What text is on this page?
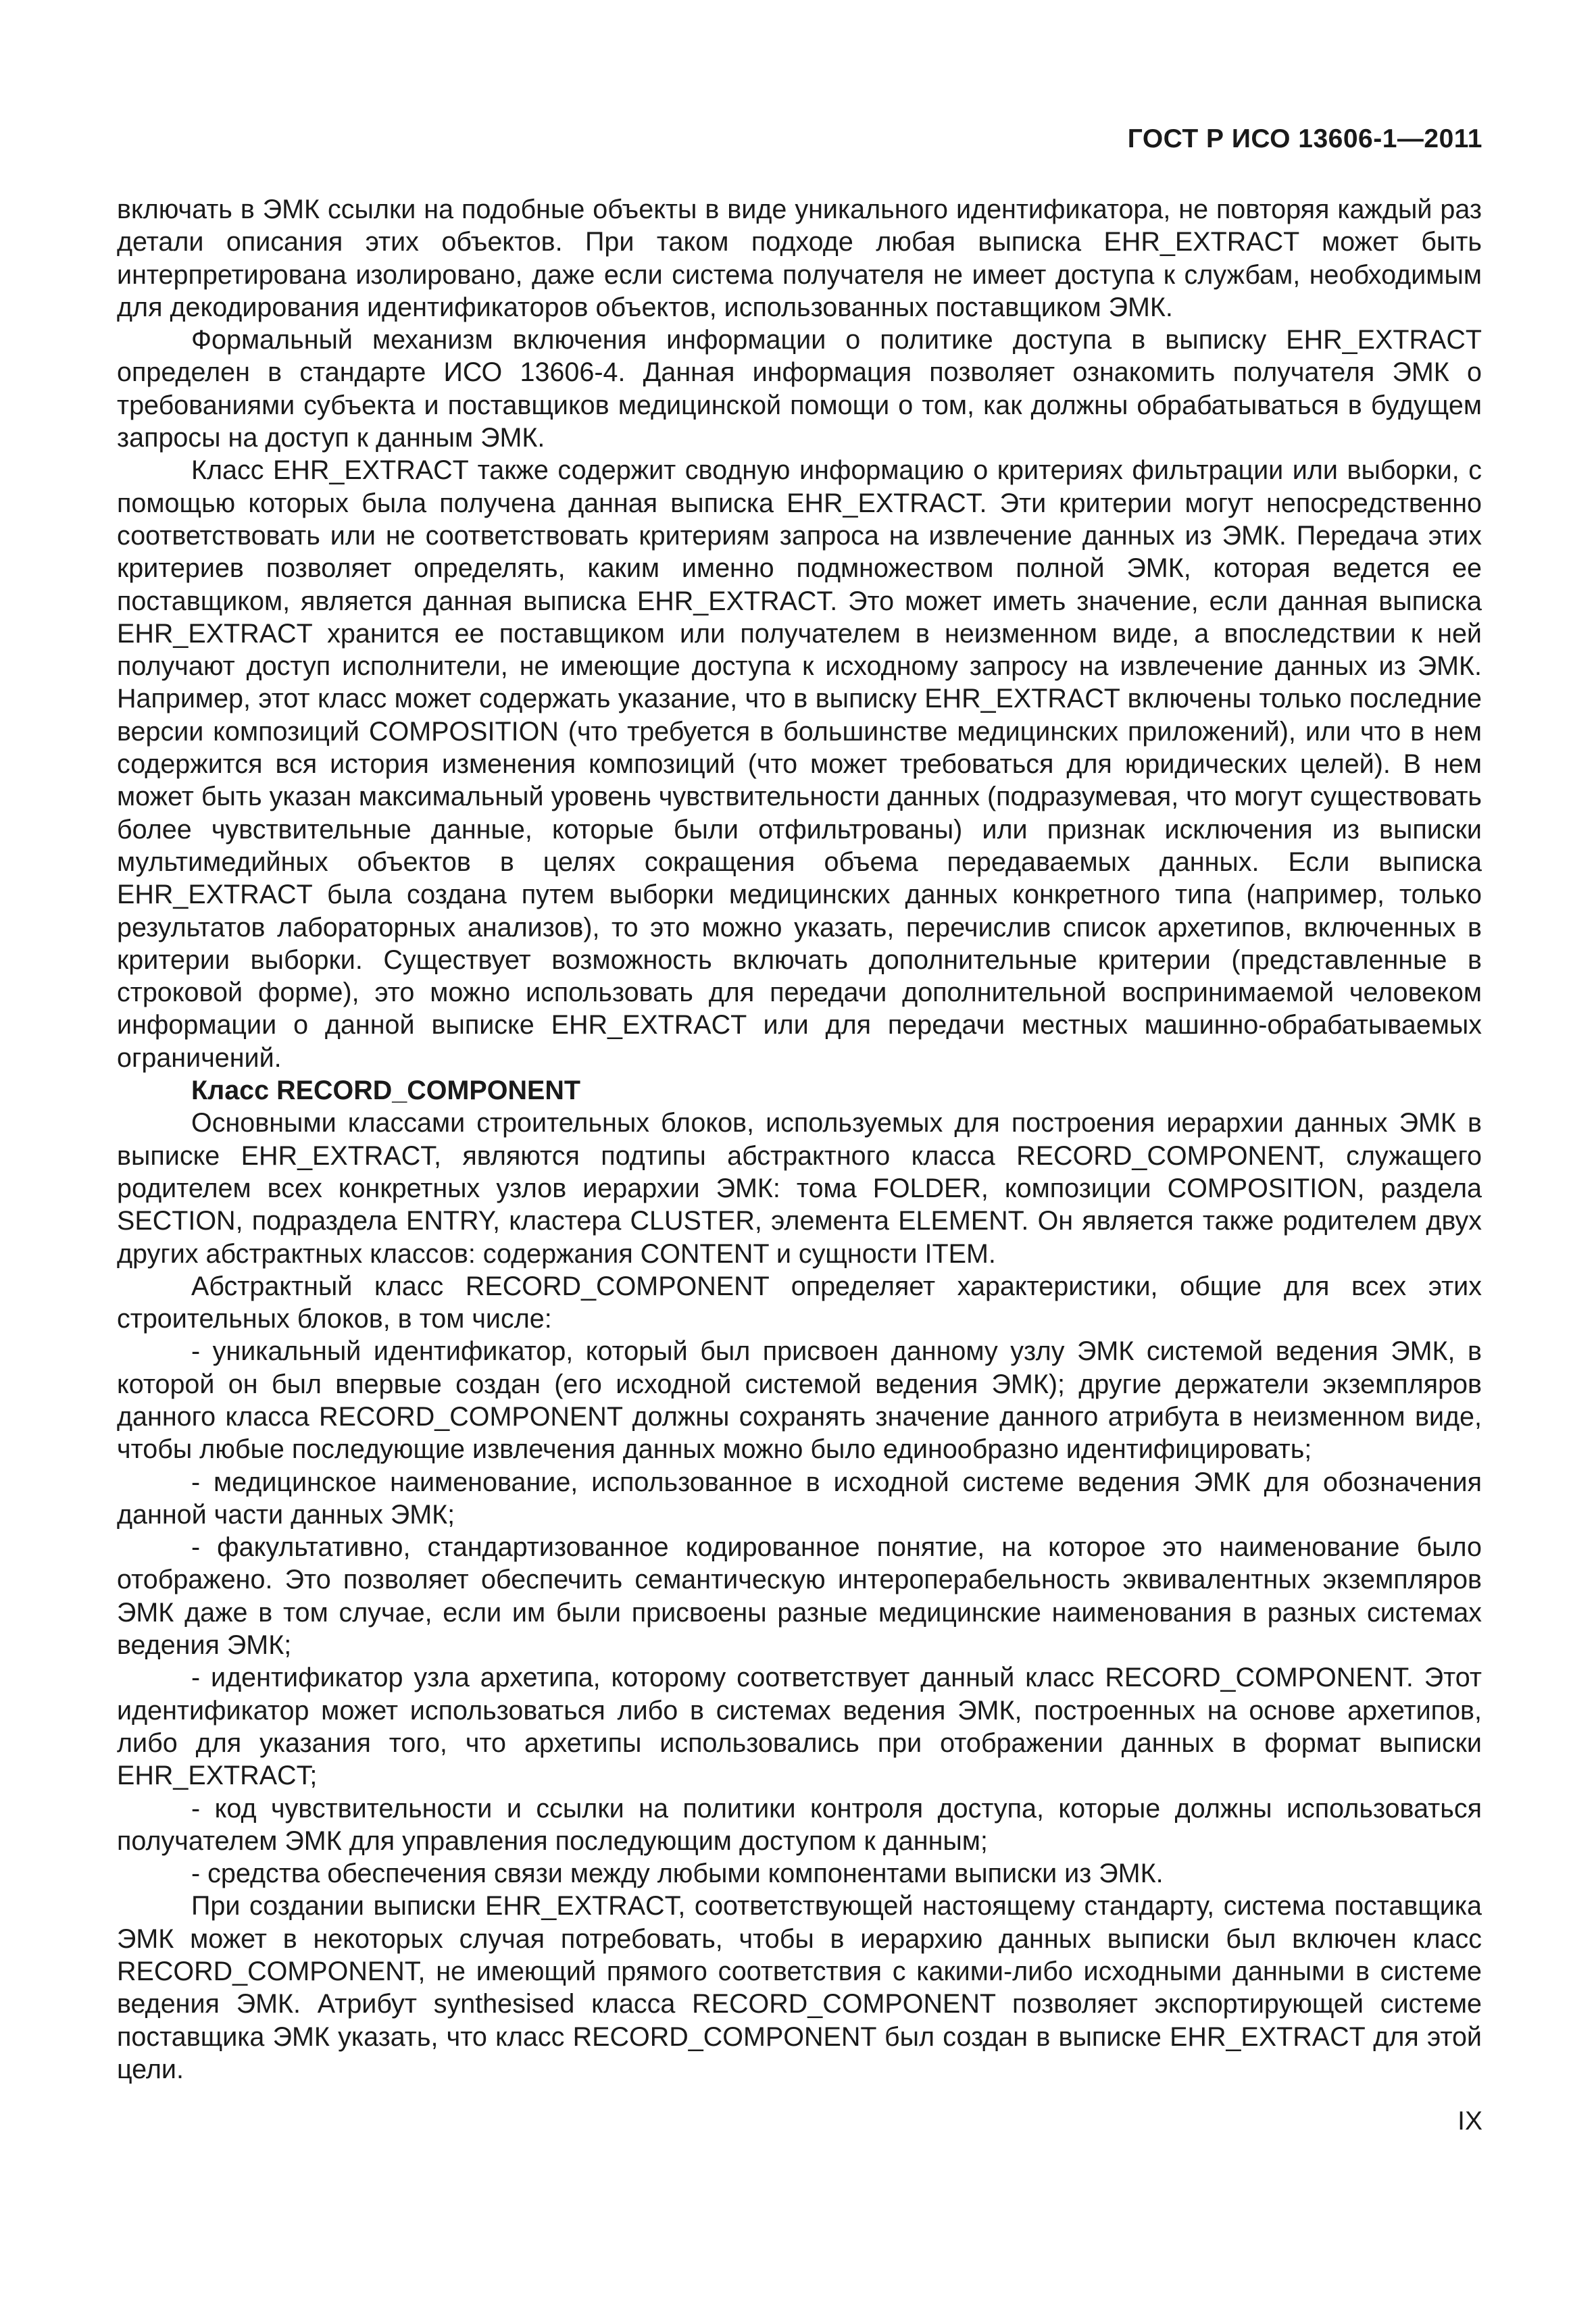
ГОСТ Р ИСО 13606-1—2011

включать в ЭМК ссылки на подобные объекты в виде уникального идентификатора, не повторяя каждый раз детали описания этих объектов. При таком подходе любая выписка EHR_EXTRACT может быть интерпретирована изолировано, даже если система получателя не имеет доступа к службам, необходимым для декодирования идентификаторов объектов, использованных поставщиком ЭМК.

Формальный механизм включения информации о политике доступа в выписку EHR_EXTRACT определен в стандарте ИСО 13606-4. Данная информация позволяет ознакомить получателя ЭМК о требованиями субъекта и поставщиков медицинской помощи о том, как должны обрабатываться в будущем запросы на доступ к данным ЭМК.

Класс EHR_EXTRACT также содержит сводную информацию о критериях фильтрации или выборки, с помощью которых была получена данная выписка EHR_EXTRACT. Эти критерии могут непосредственно соответствовать или не соответствовать критериям запроса на извлечение данных из ЭМК. Передача этих критериев позволяет определять, каким именно подмножеством полной ЭМК, которая ведется ее поставщиком, является данная выписка EHR_EXTRACT. Это может иметь значение, если данная выписка EHR_EXTRACT хранится ее поставщиком или получателем в неизменном виде, а впоследствии к ней получают доступ исполнители, не имеющие доступа к исходному запросу на извлечение данных из ЭМК. Например, этот класс может содержать указание, что в выписку EHR_EXTRACT включены только последние версии композиций COMPOSITION (что требуется в большинстве медицинских приложений), или что в нем содержится вся история изменения композиций (что может требоваться для юридических целей). В нем может быть указан максимальный уровень чувствительности данных (подразумевая, что могут существовать более чувствительные данные, которые были отфильтрованы) или признак исключения из выписки мультимедийных объектов в целях сокращения объема передаваемых данных. Если выписка EHR_EXTRACT была создана путем выборки медицинских данных конкретного типа (например, только результатов лабораторных анализов), то это можно указать, перечислив список архетипов, включенных в критерии выборки. Существует возможность включать дополнительные критерии (представленные в строковой форме), это можно использовать для передачи дополнительной воспринимаемой человеком информации о данной выписке EHR_EXTRACT или для передачи местных машинно-обрабатываемых ограничений.

Класс RECORD_COMPONENT

Основными классами строительных блоков, используемых для построения иерархии данных ЭМК в выписке EHR_EXTRACT, являются подтипы абстрактного класса RECORD_COMPONENT, служащего родителем всех конкретных узлов иерархии ЭМК: тома FOLDER, композиции COMPOSITION, раздела SECTION, подраздела ENTRY, кластера CLUSTER, элемента ELEMENT. Он является также родителем двух других абстрактных классов: содержания CONTENT и сущности ITEM.

Абстрактный класс RECORD_COMPONENT определяет характеристики, общие для всех этих строительных блоков, в том числе:

- уникальный идентификатор, который был присвоен данному узлу ЭМК системой ведения ЭМК, в которой он был впервые создан (его исходной системой ведения ЭМК); другие держатели экземпляров данного класса RECORD_COMPONENT должны сохранять значение данного атрибута в неизменном виде, чтобы любые последующие извлечения данных можно было единообразно идентифицировать;

- медицинское наименование, использованное в исходной системе ведения ЭМК для обозначения данной части данных ЭМК;

- факультативно, стандартизованное кодированное понятие, на которое это наименование было отображено. Это позволяет обеспечить семантическую интероперабельность эквивалентных экземпляров ЭМК даже в том случае, если им были присвоены разные медицинские наименования в разных системах ведения ЭМК;

- идентификатор узла архетипа, которому соответствует данный класс RECORD_COMPONENT. Этот идентификатор может использоваться либо в системах ведения ЭМК, построенных на основе архетипов, либо для указания того, что архетипы использовались при отображении данных в формат выписки EHR_EXTRACT;

- код чувствительности и ссылки на политики контроля доступа, которые должны использоваться получателем ЭМК для управления последующим доступом к данным;

- средства обеспечения связи между любыми компонентами выписки из ЭМК.

При создании выписки EHR_EXTRACT, соответствующей настоящему стандарту, система поставщика ЭМК может в некоторых случая потребовать, чтобы в иерархию данных выписки был включен класс RECORD_COMPONENT, не имеющий прямого соответствия с какими-либо исходными данными в системе ведения ЭМК. Атрибут synthesised класса RECORD_COMPONENT позволяет экспортирующей системе поставщика ЭМК указать, что класс RECORD_COMPONENT был создан в выписке EHR_EXTRACT для этой цели.

IX
